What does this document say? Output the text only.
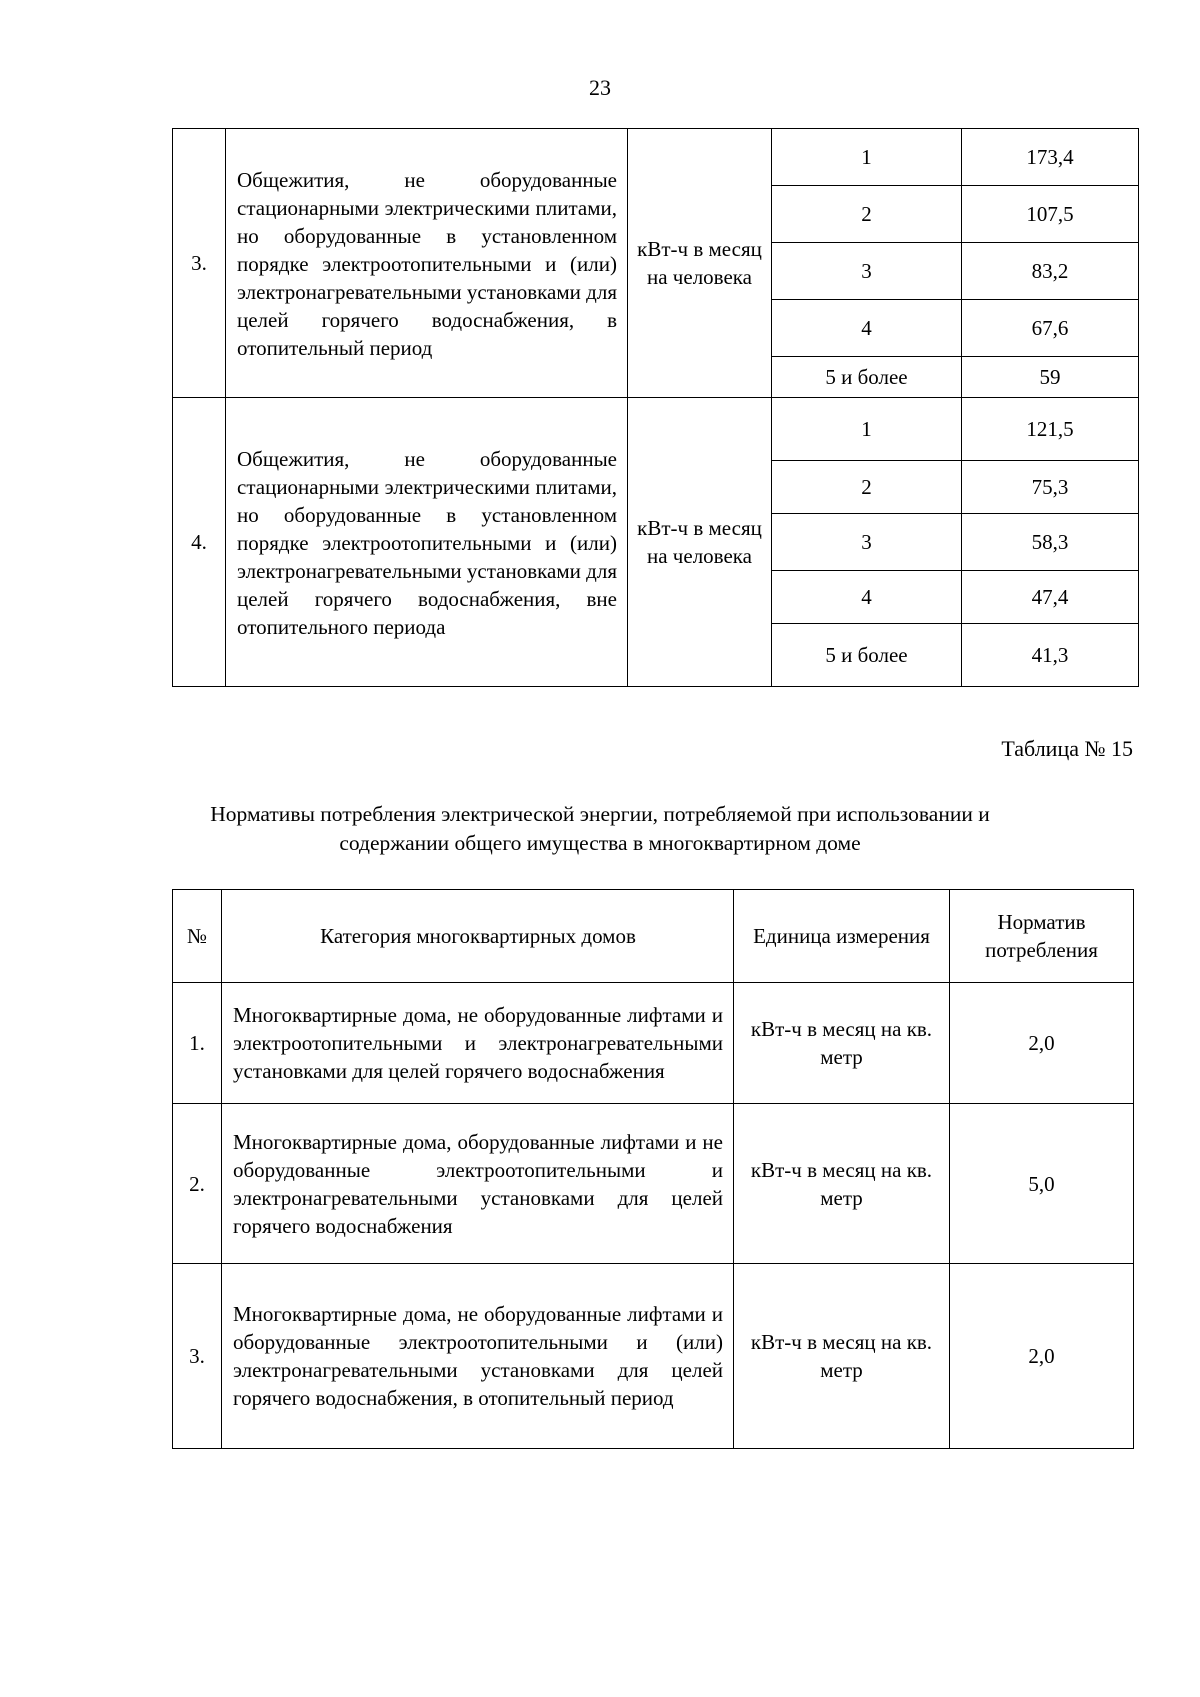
23
3.	Общежития, не оборудованные стационарными электрическими плитами, но оборудованные в установленном порядке электроотопительными и (или) электронагревательными установками для целей горячего водоснабжения, в отопительный период	кВт-ч в месяц на человека	1	173,4
			2	107,5
			3	83,2
			4	67,6
			5 и более	59
4.	Общежития, не оборудованные стационарными электрическими плитами, но оборудованные в установленном порядке электроотопительными и (или) электронагревательными установками для целей горячего водоснабжения, вне отопительного периода	кВт-ч в месяц на человека	1	121,5
			2	75,3
			3	58,3
			4	47,4
			5 и более	41,3
Таблица № 15
Нормативы потребления электрической энергии, потребляемой при использовании и
содержании общего имущества в многоквартирном доме
№	Категория многоквартирных домов	Единица измерения	Норматив потребления
1.	Многоквартирные дома, не оборудованные лифтами и электроотопительными и электронагревательными установками для целей горячего водоснабжения	кВт-ч в месяц на кв. метр	2,0
2.	Многоквартирные дома, оборудованные лифтами и не оборудованные электроотопительными и электронагревательными установками для целей горячего водоснабжения	кВт-ч в месяц на кв. метр	5,0
3.	Многоквартирные дома, не оборудованные лифтами и оборудованные электроотопительными и (или) электронагревательными установками для целей горячего водоснабжения, в отопительный период	кВт-ч в месяц на кв. метр	2,0
